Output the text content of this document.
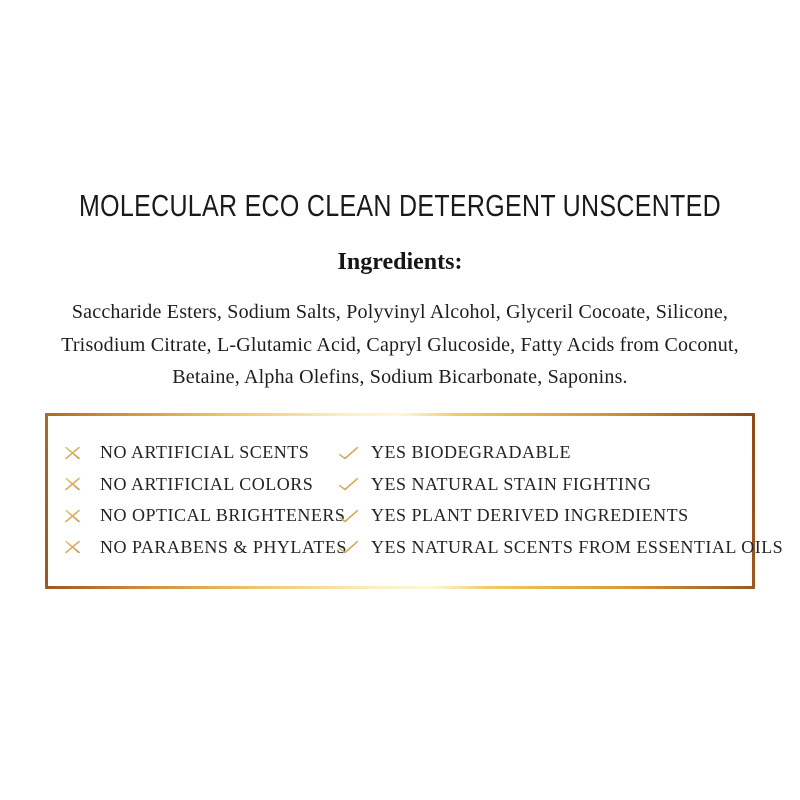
MOLECULAR ECO CLEAN DETERGENT UNSCENTED
Ingredients:
Saccharide Esters, Sodium Salts, Polyvinyl Alcohol, Glyceril Cocoate, Silicone,
Trisodium Citrate, L-Glutamic Acid, Capryl Glucoside, Fatty Acids from Coconut,
Betaine, Alpha Olefins, Sodium Bicarbonate, Saponins.
NO ARTIFICIAL SCENTS
NO ARTIFICIAL COLORS
NO OPTICAL BRIGHTENERS
NO PARABENS & PHYLATES
YES BIODEGRADABLE
YES NATURAL STAIN FIGHTING
YES PLANT DERIVED INGREDIENTS
YES NATURAL SCENTS FROM ESSENTIAL OILS
